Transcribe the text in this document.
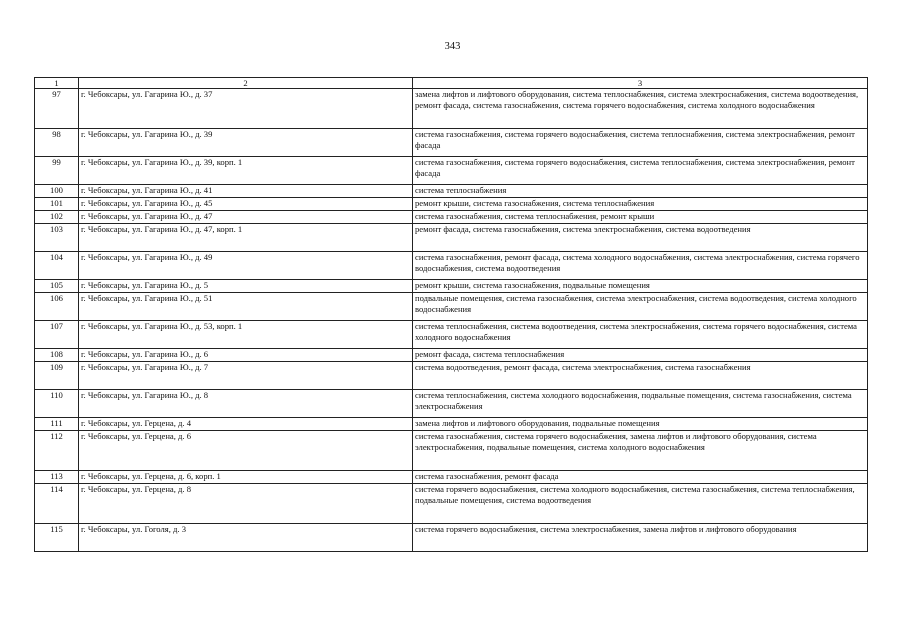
343
1	2	3
97	г. Чебоксары, ул. Гагарина Ю., д. 37	замена лифтов и лифтового оборудования, система теплоснабжения, система электроснабжения, система водоотведения, ремонт фасада, система газоснабжения, система горячего водоснабжения, система холодного водоснабжения
98	г. Чебоксары, ул. Гагарина Ю., д. 39	система газоснабжения, система горячего водоснабжения, система теплоснабжения, система электроснабжения, ремонт фасада
99	г. Чебоксары, ул. Гагарина Ю., д. 39, корп. 1	система газоснабжения, система горячего водоснабжения, система теплоснабжения, система электроснабжения, ремонт фасада
100	г. Чебоксары, ул. Гагарина Ю., д. 41	система теплоснабжения
101	г. Чебоксары, ул. Гагарина Ю., д. 45	ремонт крыши, система газоснабжения, система теплоснабжения
102	г. Чебоксары, ул. Гагарина Ю., д. 47	система газоснабжения, система теплоснабжения, ремонт крыши
103	г. Чебоксары, ул. Гагарина Ю., д. 47, корп. 1	ремонт фасада, система газоснабжения, система электроснабжения, система водоотведения
104	г. Чебоксары, ул. Гагарина Ю., д. 49	система газоснабжения, ремонт фасада, система холодного водоснабжения, система электроснабжения, система горячего водоснабжения, система водоотведения
105	г. Чебоксары, ул. Гагарина Ю., д. 5	ремонт крыши, система газоснабжения, подвальные помещения
106	г. Чебоксары, ул. Гагарина Ю., д. 51	подвальные помещения, система газоснабжения, система электроснабжения, система водоотведения, система холодного водоснабжения
107	г. Чебоксары, ул. Гагарина Ю., д. 53, корп. 1	система теплоснабжения, система водоотведения, система электроснабжения, система горячего водоснабжения, система холодного водоснабжения
108	г. Чебоксары, ул. Гагарина Ю., д. 6	ремонт фасада, система теплоснабжения
109	г. Чебоксары, ул. Гагарина Ю., д. 7	система водоотведения, ремонт фасада, система электроснабжения, система газоснабжения
110	г. Чебоксары, ул. Гагарина Ю., д. 8	система теплоснабжения, система холодного водоснабжения, подвальные помещения, система газоснабжения, система электроснабжения
111	г. Чебоксары, ул. Герцена, д. 4	замена лифтов и лифтового оборудования, подвальные помещения
112	г. Чебоксары, ул. Герцена, д. 6	система газоснабжения, система горячего водоснабжения, замена лифтов и лифтового оборудования, система электроснабжения, подвальные помещения, система холодного водоснабжения
113	г. Чебоксары, ул. Герцена, д. 6, корп. 1	система газоснабжения, ремонт фасада
114	г. Чебоксары, ул. Герцена, д. 8	система горячего водоснабжения, система холодного водоснабжения, система газоснабжения, система теплоснабжения, подвальные помещения, система водоотведения
115	г. Чебоксары, ул. Гоголя, д. 3	система горячего водоснабжения, система электроснабжения, замена лифтов и лифтового оборудования
